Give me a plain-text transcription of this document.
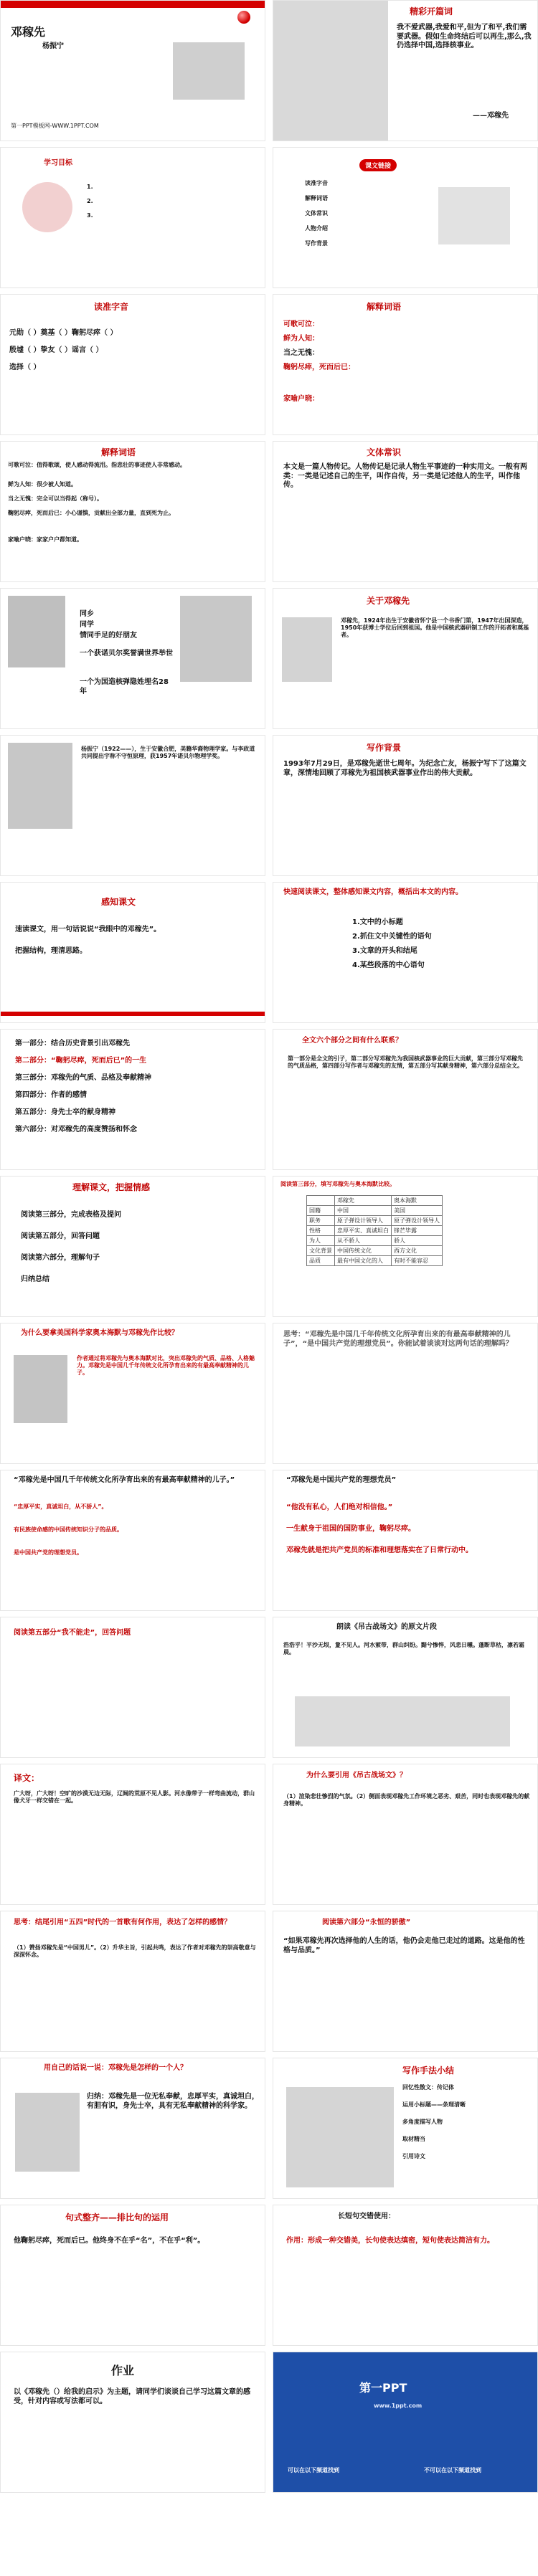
邓稼先
杨振宁
第一PPT模板网-WWW.1PPT.COM
精彩开篇词
我不爱武器,我爱和平,但为了和平,我们需要武器。假如生命终结后可以再生,那么,我仍选择中国,选择核事业。
——邓稼先
学习目标
1.
2.
3.
课文链接
读准字音
解释词语
文体常识
人物介绍
写作背景
读准字音
元勋（ ）奠基（ ）鞠躬尽瘁（ ）
殷墟（ ）挚友（ ）谣言（ ）
选择（ ）
解释词语
可歌可泣：
鲜为人知：
当之无愧：
鞠躬尽瘁，死而后已：
家喻户晓：
解释词语
可歌可泣：值得歌颂，使人感动得流泪。指悲壮的事迹使人非常感动。
鲜为人知：很少被人知道。
当之无愧：完全可以当得起（称号）。
鞠躬尽瘁，死而后已：小心谨慎，贡献出全部力量，直到死为止。
家喻户晓：家家户户都知道。
文体常识
本文是一篇人物传记。人物传记是记录人物生平事迹的一种实用文。一般有两类：一类是记述自己的生平，叫作自传，另一类是记述他人的生平，叫作他传。
同乡
同学
情同手足的好朋友
一个获诺贝尔奖誉满世界举世
一个为国造核弹隐姓埋名28年
关于邓稼先
邓稼先，1924年出生于安徽省怀宁县一个书香门第，1947年出国深造，1950年获博士学位后回到祖国。他是中国核武器研制工作的开拓者和奠基者。
杨振宁（1922——），生于安徽合肥，美籍华裔物理学家。与李政道共同提出宇称不守恒原理，获1957年诺贝尔物理学奖。
写作背景
1993年7月29日，是邓稼先逝世七周年。为纪念亡友，杨振宁写下了这篇文章，深情地回顾了邓稼先为祖国核武器事业作出的伟大贡献。
感知课文
速读课文，用一句话说说“我眼中的邓稼先”。
把握结构，理清思路。
快速阅读课文，整体感知课文内容，概括出本文的内容。
1.文中的小标题
2.抓住文中关键性的语句
3.文章的开头和结尾
4.某些段落的中心语句
第一部分：结合历史背景引出邓稼先
第二部分：“鞠躬尽瘁，死而后已”的一生
第三部分：邓稼先的气质、品格及奉献精神
第四部分：作者的感情
第五部分：身先士卒的献身精神
第六部分：对邓稼先的高度赞扬和怀念
全文六个部分之间有什么联系？
第一部分是全文的引子，第二部分写邓稼先为我国核武器事业的巨大贡献，第三部分写邓稼先的气质品格，第四部分写作者与邓稼先的友情，第五部分写其献身精神，第六部分总结全文。
理解课文，把握情感
阅读第三部分，完成表格及提问
阅读第五部分，回答问题
阅读第六部分，理解句子
归纳总结
阅读第三部分，填写邓稼先与奥本海默比较。
	邓稼先	奥本海默
国籍	中国	美国
职务	原子弹设计领导人	原子弹设计领导人
性格	忠厚平实、真诚坦白	锋芒毕露
为人	从不骄人	骄人
文化背景	中国传统文化	西方文化
品质	最有中国文化的人	有时不能容忍
为什么要拿美国科学家奥本海默与邓稼先作比较？
作者通过将邓稼先与奥本海默对比，突出邓稼先的气质、品格、人格魅力。邓稼先是中国几千年传统文化所孕育出来的有最高奉献精神的儿子。
思考：“邓稼先是中国几千年传统文化所孕育出来的有最高奉献精神的儿子”，“是中国共产党的理想党员”。你能试着谈谈对这两句话的理解吗？
“邓稼先是中国几千年传统文化所孕育出来的有最高奉献精神的儿子。”
“忠厚平实，真诚坦白，从不骄人”。
有民族使命感的中国传统知识分子的品质。
是中国共产党的理想党员。
“邓稼先是中国共产党的理想党员”
“他没有私心，人们绝对相信他。”
一生献身于祖国的国防事业，鞠躬尽瘁。
邓稼先就是把共产党员的标准和理想落实在了日常行动中。
阅读第五部分“我不能走”，回答问题
朗读《吊古战场文》的原文片段
浩浩乎！平沙无垠，夐不见人。河水萦带，群山纠纷。黯兮惨悴，风悲日曛。蓬断草枯，凛若霜晨。
译文：
广大呀，广大呀！空旷的沙漠无边无际，辽阔的荒原不见人影。河水像带子一样弯曲流动，群山像犬牙一样交错在一起。
为什么要引用《吊古战场文》？
（1）渲染悲壮惨烈的气氛。（2）侧面表现邓稼先工作环境之恶劣、艰苦，同时也表现邓稼先的献身精神。
思考：结尾引用“五四”时代的一首歌有何作用，表达了怎样的感情？
（1）赞扬邓稼先是“中国男儿”。（2）升华主旨，引起共鸣，表达了作者对邓稼先的崇高敬意与深深怀念。
阅读第六部分“永恒的骄傲”
“如果邓稼先再次选择他的人生的话，他仍会走他已走过的道路。这是他的性格与品质。”
用自己的话说一说：邓稼先是怎样的一个人？
归纳：邓稼先是一位无私奉献，忠厚平实，真诚坦白，有胆有识，身先士卒，具有无私奉献精神的科学家。
写作手法小结
回忆性散文：传记体
运用小标题——条理清晰
多角度描写人物
取材精当
引用诗文
句式整齐——排比句的运用
他鞠躬尽瘁，死而后已。他终身不在乎“名”，不在乎“利”。
长短句交错使用：
作用：形成一种交错美，长句使表达缜密，短句使表达简洁有力。
作业
以《邓稼先（）给我的启示》为主题，请同学们谈谈自己学习这篇文章的感受，针对内容或写法都可以。
第一PPT
www.1ppt.com
可以在以下频道找到	不可以在以下频道找到
